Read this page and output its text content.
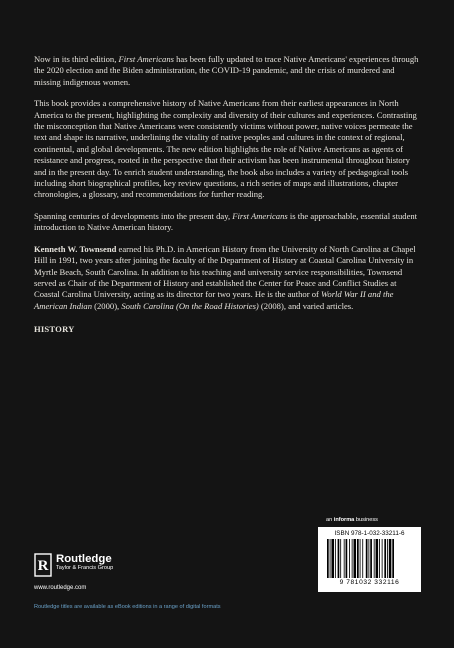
Now in its third edition, First Americans has been fully updated to trace Native Americans' experiences through the 2020 election and the Biden administration, the COVID-19 pandemic, and the crisis of murdered and missing indigenous women.

This book provides a comprehensive history of Native Americans from their earliest appearances in North America to the present, highlighting the complexity and diversity of their cultures and experiences. Contrasting the misconception that Native Americans were consistently victims without power, native voices permeate the text and shape its narrative, underlining the vitality of native peoples and cultures in the context of regional, continental, and global developments. The new edition highlights the role of Native Americans as agents of resistance and progress, rooted in the perspective that their activism has been instrumental throughout history and in the present day. To enrich student understanding, the book also includes a variety of pedagogical tools including short biographical profiles, key review questions, a rich series of maps and illustrations, chapter chronologies, a glossary, and recommendations for further reading.

Spanning centuries of developments into the present day, First Americans is the approachable, essential student introduction to Native American history.

Kenneth W. Townsend earned his Ph.D. in American History from the University of North Carolina at Chapel Hill in 1991, two years after joining the faculty of the Department of History at Coastal Carolina University in Myrtle Beach, South Carolina. In addition to his teaching and university service responsibilities, Townsend served as Chair of the Department of History and established the Center for Peace and Conflict Studies at Coastal Carolina University, acting as its director for two years. He is the author of World War II and the American Indian (2000), South Carolina (On the Road Histories) (2008), and varied articles.

HISTORY

an informa business
ISBN 978-1-032-33211-6
9 781032 332116
R Routledge
Taylor & Francis Group
www.routledge.com
Routledge titles are available as eBook editions in a range of digital formats
